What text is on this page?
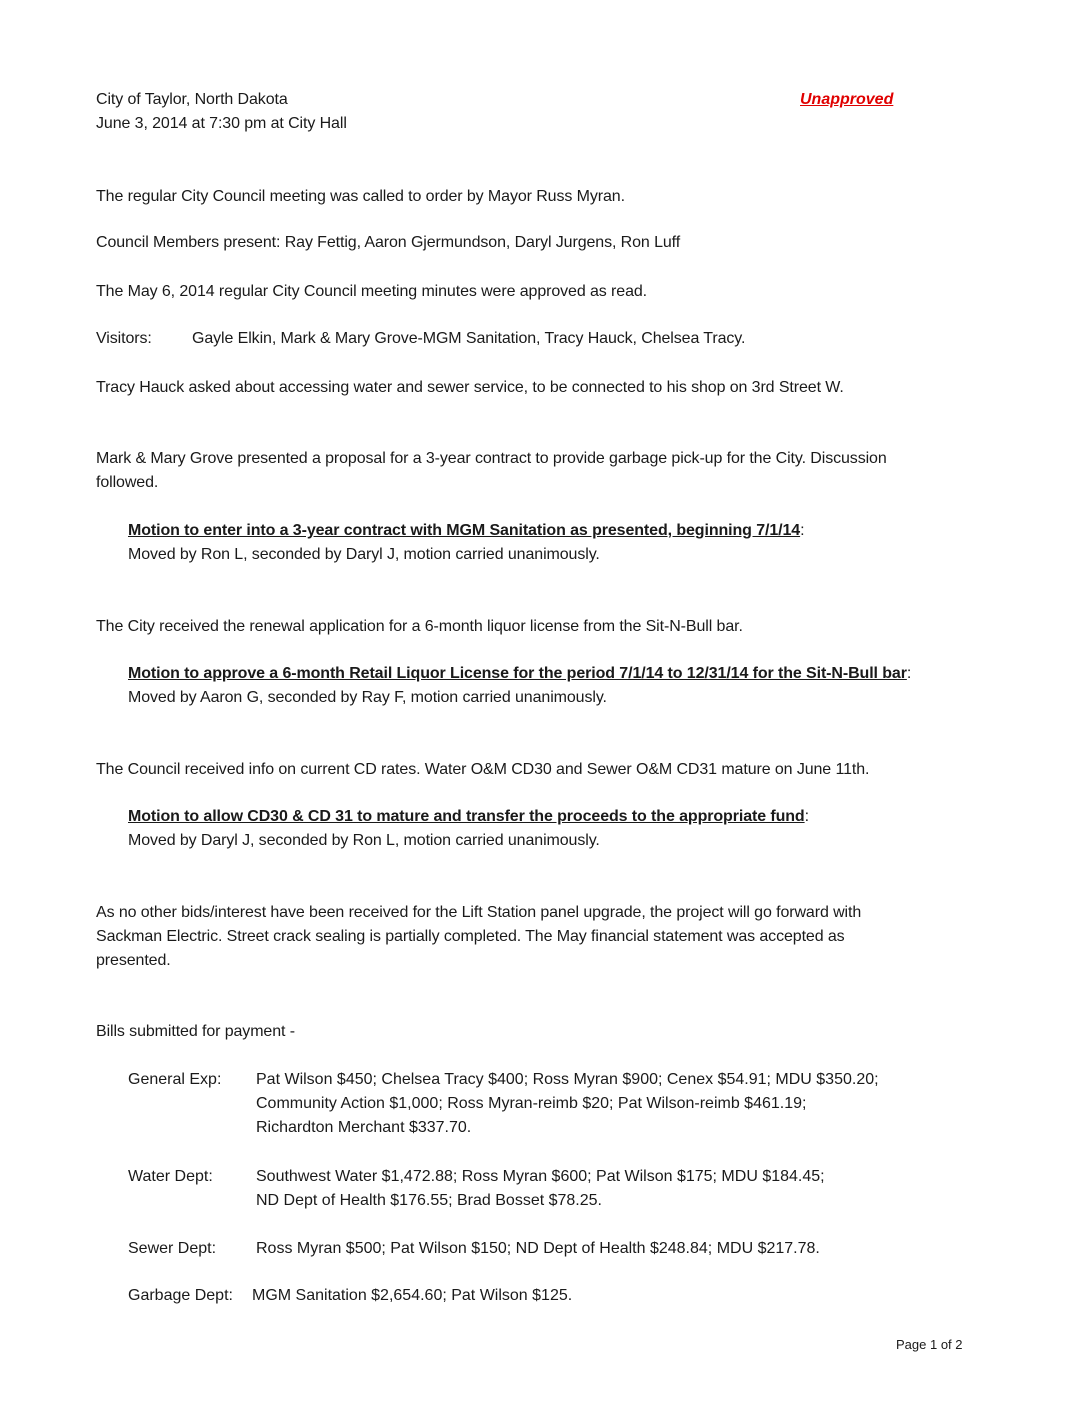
City of Taylor, North Dakota
June 3, 2014 at 7:30 pm at City Hall
Unapproved
The regular City Council meeting was called to order by Mayor Russ Myran.
Council Members present: Ray Fettig, Aaron Gjermundson, Daryl Jurgens, Ron Luff
The May 6, 2014 regular City Council meeting minutes were approved as read.
Visitors:	Gayle Elkin, Mark & Mary Grove-MGM Sanitation, Tracy Hauck, Chelsea Tracy.
Tracy Hauck asked about accessing water and sewer service, to be connected to his shop on 3rd Street W.
Mark & Mary Grove presented a proposal for a 3-year contract to provide garbage pick-up for the City. Discussion
followed.
Motion to enter into a 3-year contract with MGM Sanitation as presented, beginning 7/1/14:
Moved by Ron L, seconded by Daryl J, motion carried unanimously.
The City received the renewal application for a 6-month liquor license from the Sit-N-Bull bar.
Motion to approve a 6-month Retail Liquor License for the period 7/1/14 to 12/31/14 for the Sit-N-Bull bar:
Moved by Aaron G, seconded by Ray F, motion carried unanimously.
The Council received info on current CD rates. Water O&M CD30 and Sewer O&M CD31 mature on June 11th.
Motion to allow CD30 & CD 31 to mature and transfer the proceeds to the appropriate fund:
Moved by Daryl J, seconded by Ron L, motion carried unanimously.
As no other bids/interest have been received for the Lift Station panel upgrade, the project will go forward with
Sackman Electric. Street crack sealing is partially completed. The May financial statement was accepted as
presented.
Bills submitted for payment -
General Exp: Pat Wilson $450; Chelsea Tracy $400; Ross Myran $900; Cenex $54.91; MDU $350.20;
Community Action $1,000; Ross Myran-reimb $20; Pat Wilson-reimb $461.19;
Richardton Merchant $337.70.
Water Dept:	Southwest Water $1,472.88; Ross Myran $600; Pat Wilson $175; MDU $184.45;
ND Dept of Health $176.55; Brad Bosset $78.25.
Sewer Dept: Ross Myran $500; Pat Wilson $150; ND Dept of Health $248.84; MDU $217.78.
Garbage Dept: MGM Sanitation $2,654.60; Pat Wilson $125.
Page 1 of 2
